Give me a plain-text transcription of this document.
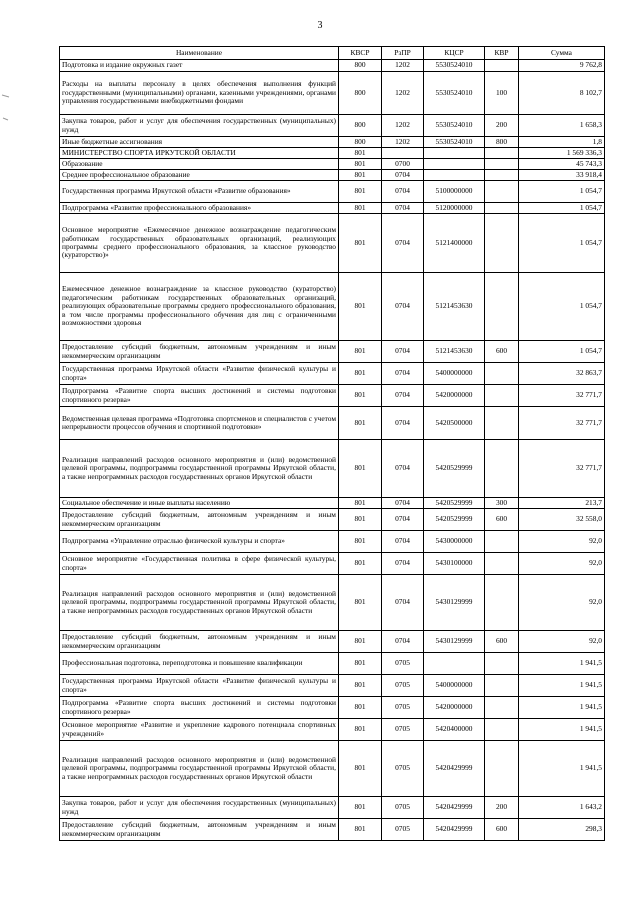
3
Наименование	КВСР	РзПР	КЦСР	КВР	Сумма
Подготовка и издание окружных газет	800	1202	5530524010		9 762,8
Расходы на выплаты персоналу в целях обеспечения выполнения функций государственными (муниципальными) органами, казенными учреждениями, органами управления государственными внебюджетными фондами	800	1202	5530524010	100	8 102,7
Закупка товаров, работ и услуг для обеспечения государственных (муниципальных) нужд	800	1202	5530524010	200	1 658,3
Иные бюджетные ассигнования	800	1202	5530524010	800	1,8
МИНИСТЕРСТВО СПОРТА ИРКУТСКОЙ ОБЛАСТИ	801				1 569 336,3
Образование	801	0700			45 743,3
Среднее профессиональное образование	801	0704			33 918,4
Государственная программа Иркутской области «Развитие образования»	801	0704	5100000000		1 054,7
Подпрограмма «Развитие профессионального образования»	801	0704	5120000000		1 054,7
Основное мероприятие «Ежемесячное денежное вознаграждение педагогическим работникам государственных образовательных организаций, реализующих программы среднего профессионального образования, за классное руководство (кураторство)»	801	0704	5121400000		1 054,7
Ежемесячное денежное вознаграждение за классное руководство (кураторство) педагогическим работникам государственных образовательных организаций, реализующих образовательные программы среднего профессионального образования, в том числе программы профессионального обучения для лиц с ограниченными возможностями здоровья	801	0704	5121453630		1 054,7
Предоставление субсидий бюджетным, автономным учреждениям и иным некоммерческим организациям	801	0704	5121453630	600	1 054,7
Государственная программа Иркутской области «Развитие физической культуры и спорта»	801	0704	5400000000		32 863,7
Подпрограмма «Развитие спорта высших достижений и системы подготовки спортивного резерва»	801	0704	5420000000		32 771,7
Ведомственная целевая программа «Подготовка спортсменов и специалистов с учетом непрерывности процессов обучения и спортивной подготовки»	801	0704	5420500000		32 771,7
Реализация направлений расходов основного мероприятия и (или) ведомственной целевой программы, подпрограммы государственной программы Иркутской области, а также непрограммных расходов государственных органов Иркутской области	801	0704	5420529999		32 771,7
Социальное обеспечение и иные выплаты населению	801	0704	5420529999	300	213,7
Предоставление субсидий бюджетным, автономным учреждениям и иным некоммерческим организациям	801	0704	5420529999	600	32 558,0
Подпрограмма «Управление отраслью физической культуры и спорта»	801	0704	5430000000		92,0
Основное мероприятие «Государственная политика в сфере физической культуры, спорта»	801	0704	5430100000		92,0
Реализация направлений расходов основного мероприятия и (или) ведомственной целевой программы, подпрограммы государственной программы Иркутской области, а также непрограммных расходов государственных органов Иркутской области	801	0704	5430129999		92,0
Предоставление субсидий бюджетным, автономным учреждениям и иным некоммерческим организациям	801	0704	5430129999	600	92,0
Профессиональная подготовка, переподготовка и повышение квалификации	801	0705			1 941,5
Государственная программа Иркутской области «Развитие физической культуры и спорта»	801	0705	5400000000		1 941,5
Подпрограмма «Развитие спорта высших достижений и системы подготовки спортивного резерва»	801	0705	5420000000		1 941,5
Основное мероприятие «Развитие и укрепление кадрового потенциала спортивных учреждений»	801	0705	5420400000		1 941,5
Реализация направлений расходов основного мероприятия и (или) ведомственной целевой программы, подпрограммы государственной программы Иркутской области, а также непрограммных расходов государственных органов Иркутской области	801	0705	5420429999		1 941,5
Закупка товаров, работ и услуг для обеспечения государственных (муниципальных) нужд	801	0705	5420429999	200	1 643,2
Предоставление субсидий бюджетным, автономным учреждениям и иным некоммерческим организациям	801	0705	5420429999	600	298,3
